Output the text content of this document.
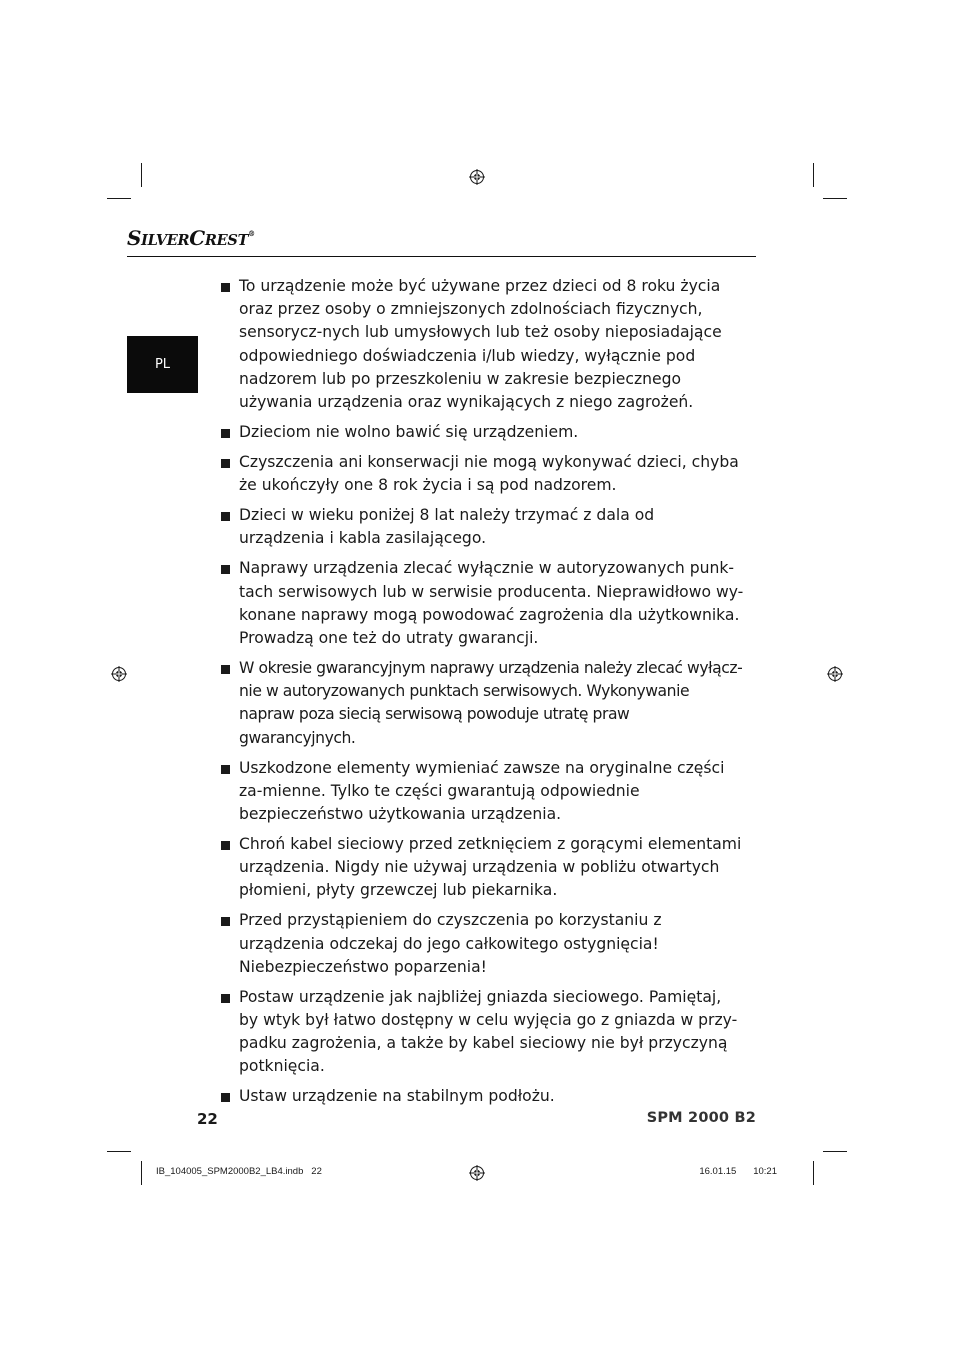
SILVERCREST®
PL
To urządzenie może być używane przez dzieci od 8 roku życia oraz przez osoby o zmniejszonych zdolnościach fizycznych, sensorycz-nych lub umysłowych lub też osoby nieposiadające odpowiedniego doświadczenia i/lub wiedzy, wyłącznie pod nadzorem lub po przeszkoleniu w zakresie bezpiecznego używania urządzenia oraz wynikających z niego zagrożeń.
Dzieciom nie wolno bawić się urządzeniem.
Czyszczenia ani konserwacji nie mogą wykonywać dzieci, chyba że ukończyły one 8 rok życia i są pod nadzorem.
Dzieci w wieku poniżej 8 lat należy trzymać z dala od urządzenia i kabla zasilającego.
Naprawy urządzenia zlecać wyłącznie w autoryzowanych punk-tach serwisowych lub w serwisie producenta. Nieprawidłowo wy-konane naprawy mogą powodować zagrożenia dla użytkownika. Prowadzą one też do utraty gwarancji.
W okresie gwarancyjnym naprawy urządzenia należy zlecać wyłącz-nie w autoryzowanych punktach serwisowych. Wykonywanie napraw poza siecią serwisową powoduje utratę praw gwarancyjnych.
Uszkodzone elementy wymieniać zawsze na oryginalne części za-mienne. Tylko te części gwarantują odpowiednie bezpieczeństwo użytkowania urządzenia.
Chroń kabel sieciowy przed zetknięciem z gorącymi elementami urządzenia. Nigdy nie używaj urządzenia w pobliżu otwartych płomieni, płyty grzewczej lub piekarnika.
Przed przystąpieniem do czyszczenia po korzystaniu z urządzenia odczekaj do jego całkowitego ostygnięcia! Niebezpieczeństwo poparzenia!
Postaw urządzenie jak najbliżej gniazda sieciowego. Pamiętaj, by wtyk był łatwo dostępny w celu wyjęcia go z gniazda w przy-padku zagrożenia, a także by kabel sieciowy nie był przyczyną potknięcia.
Ustaw urządzenie na stabilnym podłożu.
22	SPM 2000 B2
IB_104005_SPM2000B2_LB4.indb   22	16.01.15   10:21
